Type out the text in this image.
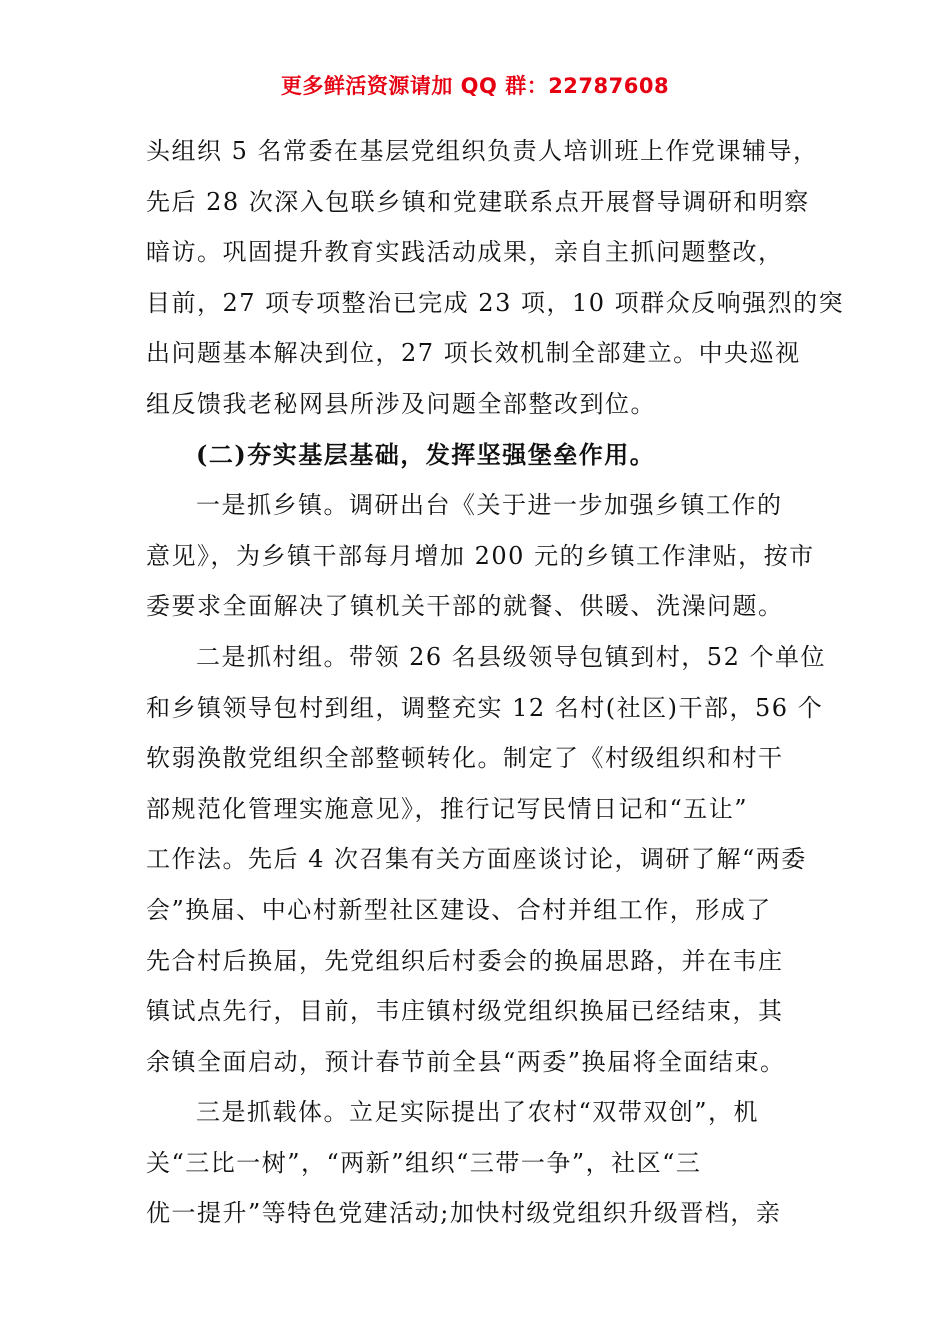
更多鲜活资源请加 QQ 群：22787608
头组织 5 名常委在基层党组织负责人培训班上作党课辅导，
先后 28 次深入包联乡镇和党建联系点开展督导调研和明察
暗访。巩固提升教育实践活动成果，亲自主抓问题整改，
目前，27 项专项整治已完成 23 项，10 项群众反响强烈的突
出问题基本解决到位，27 项长效机制全部建立。中央巡视
组反馈我老秘网县所涉及问题全部整改到位。
(二)夯实基层基础，发挥坚强堡垒作用。
一是抓乡镇。调研出台《关于进一步加强乡镇工作的
意见》，为乡镇干部每月增加 200 元的乡镇工作津贴，按市
委要求全面解决了镇机关干部的就餐、供暖、洗澡问题。
二是抓村组。带领 26 名县级领导包镇到村，52 个单位
和乡镇领导包村到组，调整充实 12 名村(社区)干部，56 个
软弱涣散党组织全部整顿转化。制定了《村级组织和村干
部规范化管理实施意见》，推行记写民情日记和“五让”
工作法。先后 4 次召集有关方面座谈讨论，调研了解“两委
会”换届、中心村新型社区建设、合村并组工作，形成了
先合村后换届，先党组织后村委会的换届思路，并在韦庄
镇试点先行，目前，韦庄镇村级党组织换届已经结束，其
余镇全面启动，预计春节前全县“两委”换届将全面结束。
三是抓载体。立足实际提出了农村“双带双创”，机
关“三比一树”，“两新”组织“三带一争”，社区“三
优一提升”等特色党建活动;加快村级党组织升级晋档，亲
